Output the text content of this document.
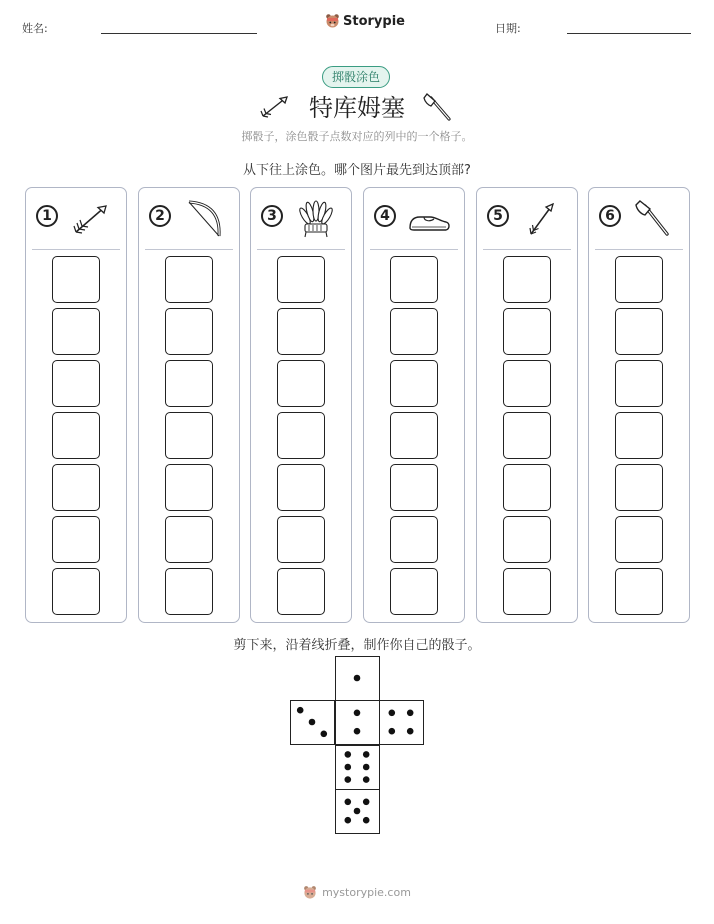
姓名:	Storypie	日期:
掷骰涂色
特库姆塞
掷骰子，涂色骰子点数对应的列中的一个格子。
从下往上涂色。哪个图片最先到达顶部?
1	2	3	4	5	6
剪下来，沿着线折叠，制作你自己的骰子。
mystorypie.com
